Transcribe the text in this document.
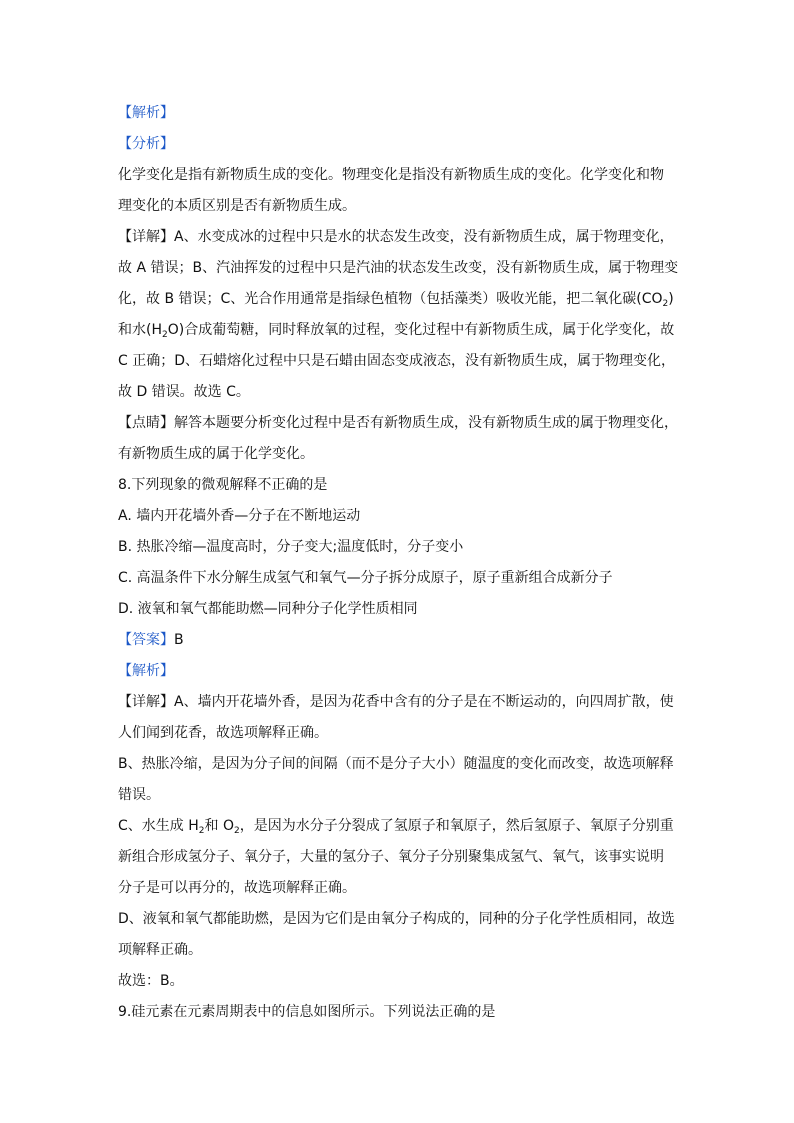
【解析】
【分析】
化学变化是指有新物质生成的变化。物理变化是指没有新物质生成的变化。化学变化和物
理变化的本质区别是否有新物质生成。
【详解】A、水变成冰的过程中只是水的状态发生改变，没有新物质生成，属于物理变化，
故 A 错误；B、汽油挥发的过程中只是汽油的状态发生改变，没有新物质生成，属于物理变
化，故 B 错误；C、光合作用通常是指绿色植物（包括藻类）吸收光能，把二氧化碳$(CO_2)$
和水$(H_2O)$合成葡萄糖，同时释放氧的过程，变化过程中有新物质生成，属于化学变化，故
C 正确；D、石蜡熔化过程中只是石蜡由固态变成液态，没有新物质生成，属于物理变化，
故 D 错误。故选 C。
【点睛】解答本题要分析变化过程中是否有新物质生成，没有新物质生成的属于物理变化，
有新物质生成的属于化学变化。
8.下列现象的微观解释不正确的是
A. 墙内开花墙外香—分子在不断地运动
B. 热胀冷缩—温度高时，分子变大;温度低时，分子变小
C. 高温条件下水分解生成氢气和氧气—分子拆分成原子，原子重新组合成新分子
D. 液氧和氧气都能助燃—同种分子化学性质相同
【答案】B
【解析】
【详解】A、墙内开花墙外香，是因为花香中含有的分子是在不断运动的，向四周扩散，使
人们闻到花香，故选项解释正确。
B、热胀冷缩，是因为分子间的间隔（而不是分子大小）随温度的变化而改变，故选项解释
错误。
C、水生成 $H_2$和 $O_2$，是因为水分子分裂成了氢原子和氧原子，然后氢原子、氧原子分别重
新组合形成氢分子、氧分子，大量的氢分子、氧分子分别聚集成氢气、氧气，该事实说明
分子是可以再分的，故选项解释正确。
D、液氧和氧气都能助燃，是因为它们是由氧分子构成的，同种的分子化学性质相同，故选
项解释正确。
故选：B。
9.硅元素在元素周期表中的信息如图所示。下列说法正确的是
